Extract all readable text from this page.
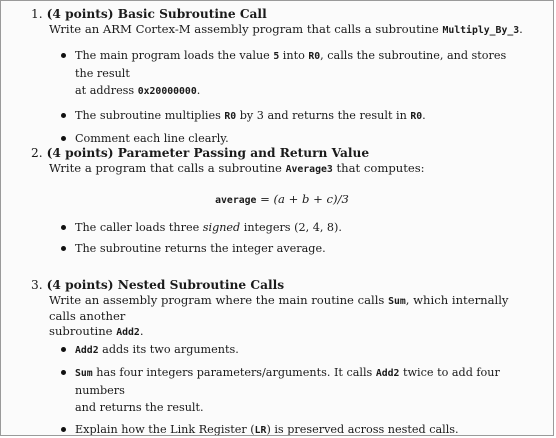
1. (4 points) Basic Subroutine Call
Write an ARM Cortex-M assembly program that calls a subroutine Multiply_By_3.
The main program loads the value 5 into R0, calls the subroutine, and stores the result
at address 0x20000000.
The subroutine multiplies R0 by 3 and returns the result in R0.
Comment each line clearly.
2. (4 points) Parameter Passing and Return Value
Write a program that calls a subroutine Average3 that computes:
average = (a + b + c)/3
The caller loads three signed integers (2, 4, 8).
The subroutine returns the integer average.
3. (4 points) Nested Subroutine Calls
Write an assembly program where the main routine calls Sum, which internally calls another
subroutine Add2.
Add2 adds its two arguments.
Sum has four integers parameters/arguments. It calls Add2 twice to add four numbers
and returns the result.
Explain how the Link Register (LR) is preserved across nested calls.
